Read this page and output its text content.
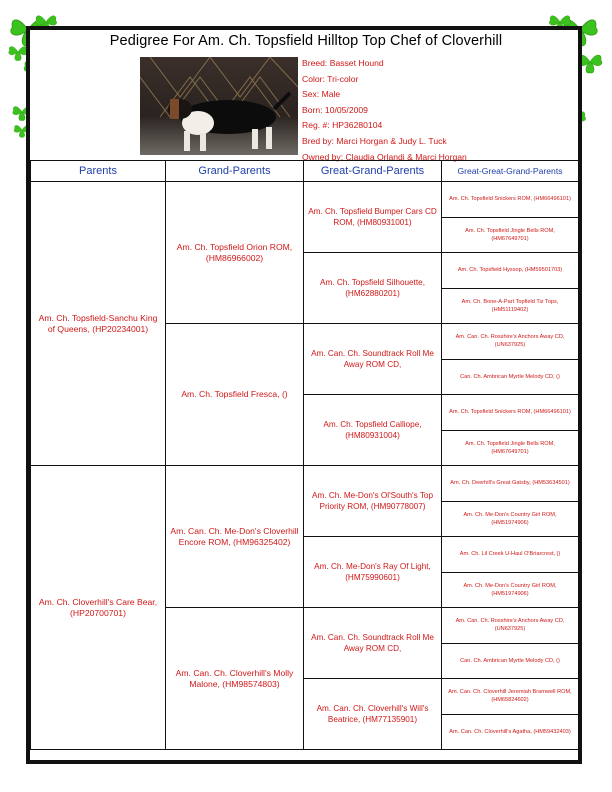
Pedigree For Am. Ch. Topsfield Hilltop Top Chef of Cloverhill
Breed: Basset Hound
Color: Tri-color
Sex: Male
Born: 10/05/2009
Reg. #: HP36280104
Bred by: Marci Horgan & Judy L. Tuck
Owned by: Claudia Orlandi & Marci Horgan
Parents	Grand-Parents	Great-Grand-Parents	Great-Great-Grand-Parents
Am. Ch. Topsfield-Sanchu King of Queens, (HP20234001)	Am. Ch. Topsfield Orion ROM, (HM86966002)	Am. Ch. Topsfield Bumper Cars CD ROM, (HM80931001)	Am. Ch. Topsfield Snickers ROM, (HM66496101)
			Am. Ch. Topsfield Jingle Bells ROM, (HM67649701)
		Am. Ch. Topsfield Silhouette, (HM62880201)	Am. Ch. Topsfield Hyssop, (HM59501703)
			Am. Ch. Bone-A-Part Topfield Tiz Tops, (HM51119402)
	Am. Ch. Topsfield Fresca, ()	Am. Can. Ch. Soundtrack Roll Me Away ROM CD,	Am. Can. Ch. Rosshire's Anchors Away CD, (UN637925)
			Can. Ch. Ambrican Myrtle Melody CD, ()
		Am. Ch. Topsfield Calliope, (HM80931004)	Am. Ch. Topsfield Snickers ROM, (HM66496101)
			Am. Ch. Topsfield Jingle Bells ROM, (HM67649701)
Am. Ch. Cloverhill's Care Bear, (HP20700701)	Am. Can. Ch. Me-Don's Cloverhill Encore ROM, (HM96325402)	Am. Ch. Me-Don's Ol'South's Top Priority ROM, (HM90778007)	Am. Ch. Deerhill's Great Gatsby, (HM53634501)
			Am. Ch. Me-Don's Country Girl ROM, (HM51974906)
		Am. Ch. Me-Don's Ray Of Light, (HM75990601)	Am. Ch. Lil Creek U-Haul O'Briarcrest, ()
			Am. Ch. Me-Don's Country Girl ROM, (HM51974906)
	Am. Can. Ch. Cloverhill's Molly Malone, (HM98574803)	Am. Can. Ch. Soundtrack Roll Me Away ROM CD,	Am. Can. Ch. Rosshire's Anchors Away CD, (UN637925)
			Can. Ch. Ambrican Myrtle Melody CD, ()
		Am. Can. Ch. Cloverhill's Will's Beatrice, (HM77135901)	Am. Can. Ch. Cloverhill Jeremiah Bramwell ROM, (HM65824602)
			Am. Can. Ch. Cloverhill's Agatha, (HM59432403)
